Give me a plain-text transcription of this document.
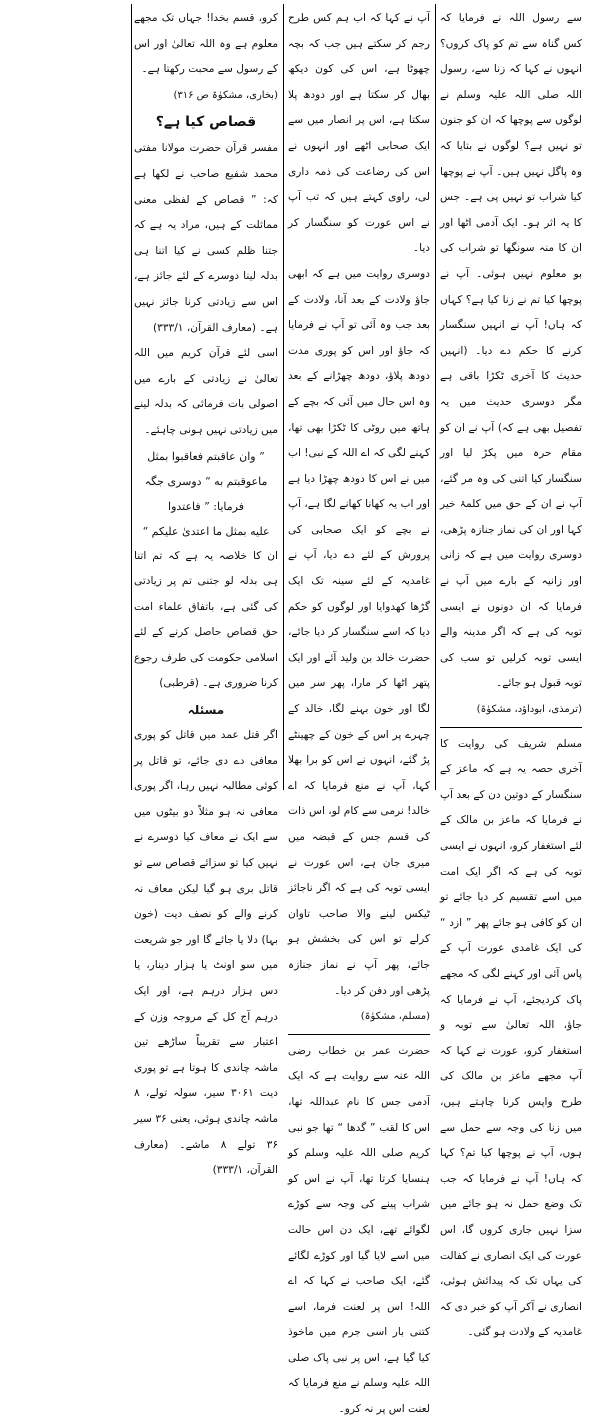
سے رسول اللہ نے فرمایا کہ کس گناہ سے تم کو پاک کروں؟ انہوں نے کہا کہ زنا سے، رسول اللہ صلی اللہ علیہ وسلم نے لوگوں سے پوچھا کہ ان کو جنون تو نہیں ہے؟ لوگوں نے بتایا کہ وہ پاگل نہیں ہیں۔ آپ نے پوچھا کیا شراب تو نہیں پی ہے۔ جس کا یہ اثر ہو۔ ایک آدمی اٹھا اور ان کا منہ سونگھا تو شراب کی بو معلوم نہیں ہوئی۔ آپ نے پوچھا کیا تم نے زنا کیا ہے؟ کہاں کہ ہاں! آپ نے انہیں سنگسار کرنے کا حکم دے دیا۔ (انہیں حدیث کا آخری ٹکڑا باقی ہے مگر دوسری حدیث میں یہ تفصیل بھی ہے کہ) آپ نے ان کو مقام حرہ میں پکڑ لیا اور سنگسار کیا اتنی کی وہ مر گئے، آپ نے ان کے حق میں کلمۂ خیر کہا اور ان کی نماز جنازہ پڑھی، دوسری روایت میں ہے کہ زانی اور زانیہ کے بارے میں آپ نے فرمایا کہ ان دونوں نے ایسی توبہ کی ہے کہ اگر مدینہ والے ایسی توبہ کرلیں تو سب کی توبہ قبول ہو جائے۔

(ترمذی، ابوداؤد، مشکوٰۃ)

مسلم شریف کی روایت کا آخری حصہ یہ ہے کہ ماعز کے سنگسار کے دوتین دن کے بعد آپ نے فرمایا کہ ماعز بن مالک کے لئے استغفار کرو، انہوں نے ایسی توبہ کی ہے کہ اگر ایک امت میں اسے تقسیم کر دیا جائے تو ان کو کافی ہو جائے پھر ” ازد “ کی ایک غامدی عورت آپ کے پاس آئی اور کہنے لگی کہ مجھے پاک کردیجئے، آپ نے فرمایا کہ جاؤ، اللہ تعالیٰ سے توبہ و استغفار کرو، عورت نے کہا کہ آپ مجھے ماعز بن مالک کی طرح واپس کرنا چاہتے ہیں، میں زنا کی وجہ سے حمل سے ہوں، آپ نے پوچھا کیا تم؟ کہا کہ ہاں! آپ نے فرمایا کہ جب تک وضع حمل نہ ہو جائے میں سزا نہیں جاری کروں گا، اس عورت کی ایک انصاری نے کفالت کی یہاں تک کہ پیدائش ہوئی، انصاری نے آکر آپ کو خبر دی کہ غامدیہ کے ولادت ہو گئی۔

آپ نے کہا کہ اب ہم کس طرح رجم کر سکتے ہیں جب کہ بچہ چھوٹا ہے، اس کی کون دیکھ بھال کر سکتا ہے اور دودھ پلا سکتا ہے، اس پر انصار میں سے ایک صحابی اٹھے اور انہوں نے اس کی رضاعت کی ذمہ داری لی، راوی کہتے ہیں کہ تب آپ نے اس عورت کو سنگسار کر دیا۔

دوسری روایت میں ہے کہ ابھی جاؤ ولادت کے بعد آنا، ولادت کے بعد جب وہ آئی تو آپ نے فرمایا کہ جاؤ اور اس کو پوری مدت دودھ پلاؤ، دودھ چھڑانے کے بعد وہ اس حال میں آئی کہ بچے کے ہاتھ میں روٹی کا ٹکڑا بھی تھا، کہنے لگی کہ اے اللہ کے نبی! اب میں نے اس کا دودھ چھڑا دیا ہے اور اب یہ کھانا کھانے لگا ہے، آپ نے بچے کو ایک صحابی کی پرورش کے لئے دے دیا، آپ نے غامدیہ کے لئے سینہ تک ایک گڑھا کھدوایا اور لوگوں کو حکم دیا کہ اسے سنگسار کر دیا جائے، حضرت خالد بن ولید آئے اور ایک پتھر اٹھا کر مارا، پھر سر میں لگا اور خون بہنے لگا، خالد کے چہرے پر اس کے خون کے چھینٹے پڑ گئے، انہوں نے اس کو برا بھلا کہا، آپ نے منع فرمایا کہ اے خالد! نرمی سے کام لو، اس ذات کی قسم جس کے قبضہ میں میری جان ہے، اس عورت نے ایسی توبہ کی ہے کہ اگر ناجائز ٹیکس لینے والا صاحب تاوان کرلے تو اس کی بخشش ہو جائے، پھر آپ نے نماز جنازہ پڑھی اور دفن کر دیا۔

(مسلم، مشکوٰۃ)

حضرت عمر بن خطاب رضی اللہ عنہ سے روایت ہے کہ ایک آدمی جس کا نام عبداللہ تھا، اس کا لقب ” گدھا “ تھا جو نبی کریم صلی اللہ علیہ وسلم کو ہنسایا کرتا تھا، آپ نے اس کو شراب پینے کی وجہ سے کوڑے لگوائے تھے، ایک دن اس حالت میں اسے لایا گیا اور کوڑے لگائے گئے، ایک صاحب نے کہا کہ اے اللہ! اس پر لعنت فرما، اسے کتنی بار اسی جرم میں ماخوذ کیا گیا ہے، اس پر نبی پاک صلی اللہ علیہ وسلم نے منع فرمایا کہ لعنت اس پر نہ کرو۔

کرو، قسم بخدا! جہاں تک مجھے معلوم ہے وہ اللہ تعالیٰ اور اس کے رسول سے محبت رکھتا ہے۔

(بخاری، مشکوٰۃ ص ۳۱۶)

قصاص کیا ہے؟

مفسر قرآن حضرت مولانا مفتی محمد شفیع صاحب نے لکھا ہے کہ: ” قصاص کے لفظی معنی مماثلت کے ہیں، مراد یہ ہے کہ جتنا ظلم کسی نے کیا اتنا ہی بدلہ لینا دوسرے کے لئے جائز ہے، اس سے زیادتی کرنا جائز نہیں ہے۔ (معارف القرآن، ۳۳۳/۱)

اسی لئے قرآن کریم میں اللہ تعالیٰ نے زیادتی کے بارے میں اصولی بات فرمائی کہ بدلہ لینے میں زیادتی نہیں ہونی چاہئے۔

” وان عاقبتم فعاقبوا بمثل
ماعوقبتم به “ دوسری جگہ فرمایا: ” فاعتدوا
علیه بمثل ما اعتدیٰ علیکم “

ان کا خلاصہ یہ ہے کہ تم اتنا ہی بدلہ لو جتنی تم پر زیادتی کی گئی ہے، باتفاق علماء امت حق قصاص حاصل کرنے کے لئے اسلامی حکومت کی طرف رجوع کرنا ضروری ہے۔ (قرطبی)

مسئلہ

اگر قتل عمد میں قاتل کو پوری معافی دے دی جائے، تو قاتل پر کوئی مطالبہ نہیں رہا، اگر پوری معافی نہ ہو مثلاً دو بیٹوں میں سے ایک نے معاف کیا دوسرے نے نہیں کیا تو سزائے قصاص سے تو قاتل بری ہو گیا لیکن معاف نہ کرنے والے کو نصف دیت (خون بہا) دلا یا جائے گا اور جو شریعت میں سو اونٹ یا ہزار دینار، یا دس ہزار درہم ہے، اور ایک درہم آج کل کے مروجہ وزن کے اعتبار سے تقریباً ساڑھے تین ماشہ چاندی کا ہوتا ہے تو پوری دیت ۳۰۶۱ سیر، سولہ تولے، ۸ ماشہ چاندی ہوئی، یعنی ۳۶ سیر ۳۶ تولے ۸ ماشے۔ (معارف القرآن، ۳۳۳/۱)
